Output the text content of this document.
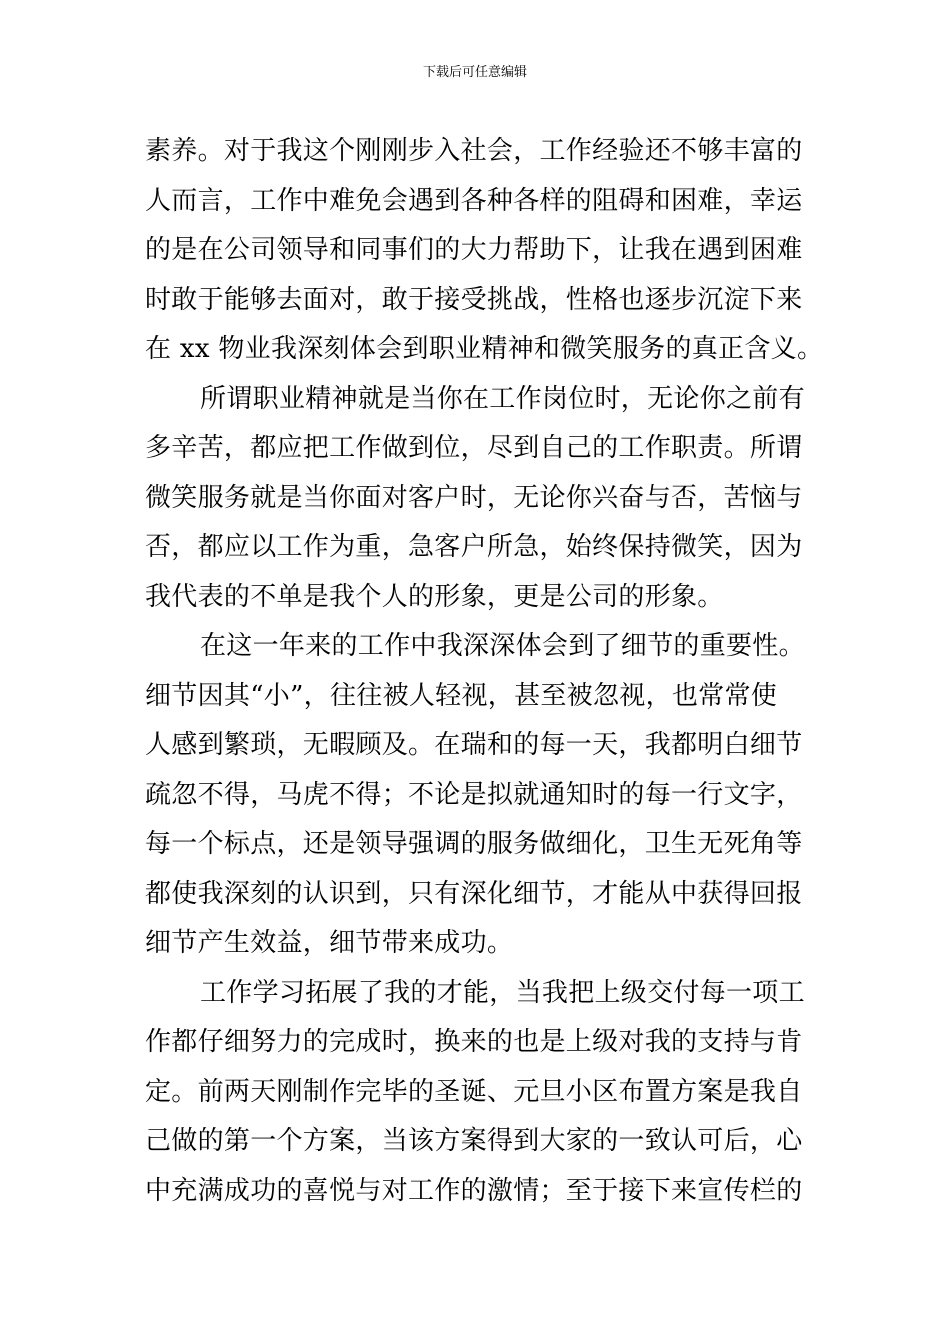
下载后可任意编辑
素养。对于我这个刚刚步入社会，工作经验还不够丰富的
人而言，工作中难免会遇到各种各样的阻碍和困难，幸运
的是在公司领导和同事们的大力帮助下，让我在遇到困难
时敢于能够去面对，敢于接受挑战，性格也逐步沉淀下来
在 xx 物业我深刻体会到职业精神和微笑服务的真正含义。
所谓职业精神就是当你在工作岗位时，无论你之前有
多辛苦，都应把工作做到位，尽到自己的工作职责。所谓
微笑服务就是当你面对客户时，无论你兴奋与否，苦恼与
否，都应以工作为重，急客户所急，始终保持微笑，因为
我代表的不单是我个人的形象，更是公司的形象。
在这一年来的工作中我深深体会到了细节的重要性。
细节因其“小”，往往被人轻视，甚至被忽视，也常常使
人感到繁琐，无暇顾及。在瑞和的每一天，我都明白细节
疏忽不得，马虎不得；不论是拟就通知时的每一行文字，
每一个标点，还是领导强调的服务做细化，卫生无死角等
都使我深刻的认识到，只有深化细节，才能从中获得回报
细节产生效益，细节带来成功。
工作学习拓展了我的才能，当我把上级交付每一项工
作都仔细努力的完成时，换来的也是上级对我的支持与肯
定。前两天刚制作完毕的圣诞、元旦小区布置方案是我自
己做的第一个方案，当该方案得到大家的一致认可后，心
中充满成功的喜悦与对工作的激情；至于接下来宣传栏的
